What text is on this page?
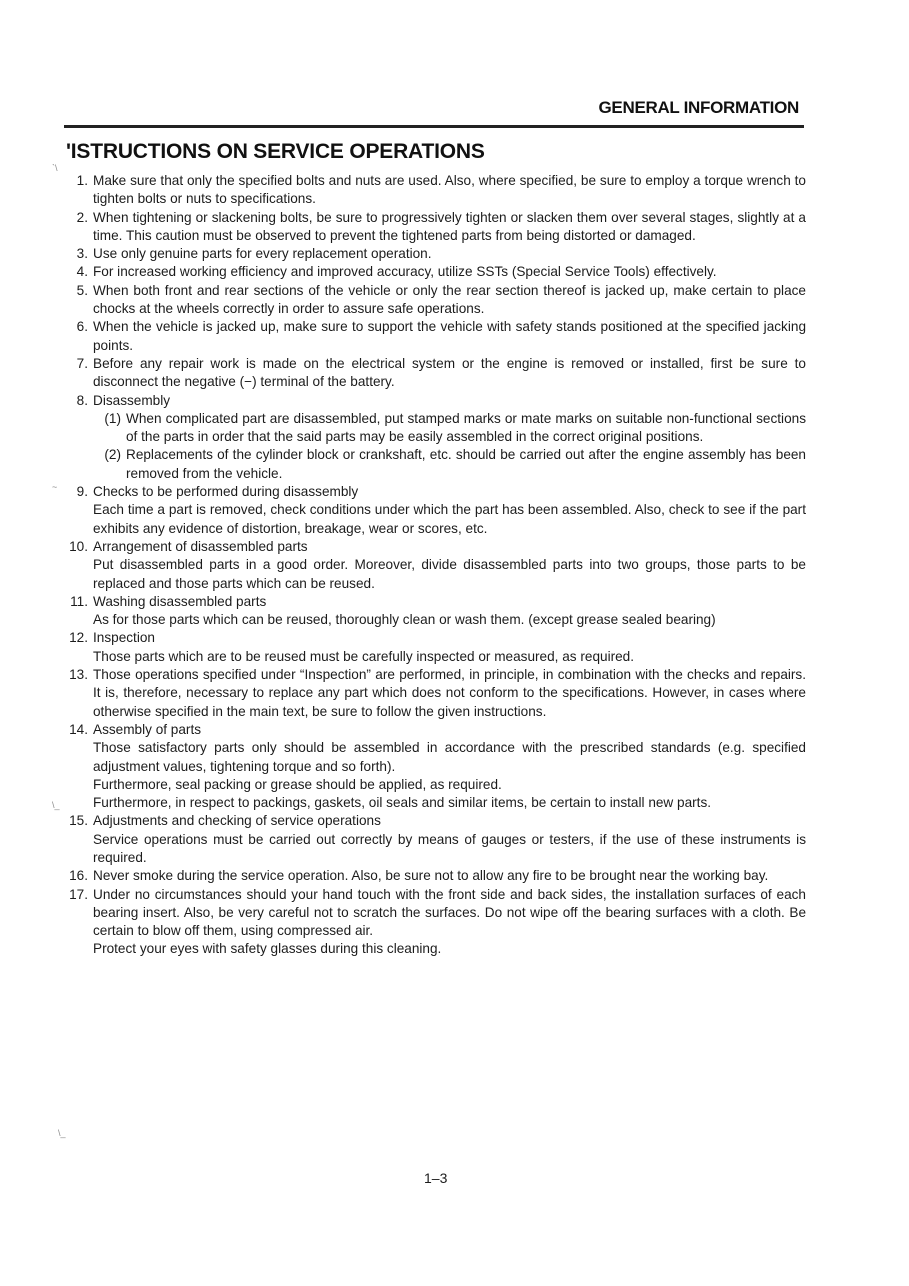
GENERAL INFORMATION
'ISTRUCTIONS ON SERVICE OPERATIONS
`\
~
\_
\_
1. Make sure that only the specified bolts and nuts are used. Also, where specified, be sure to employ a torque wrench to tighten bolts or nuts to specifications.
2. When tightening or slackening bolts, be sure to progressively tighten or slacken them over several stages, slightly at a time. This caution must be observed to prevent the tightened parts from being distorted or damaged.
3. Use only genuine parts for every replacement operation.
4. For increased working efficiency and improved accuracy, utilize SSTs (Special Service Tools) effectively.
5. When both front and rear sections of the vehicle or only the rear section thereof is jacked up, make certain to place chocks at the wheels correctly in order to assure safe operations.
6. When the vehicle is jacked up, make sure to support the vehicle with safety stands positioned at the specified jacking points.
7. Before any repair work is made on the electrical system or the engine is removed or installed, first be sure to disconnect the negative (−) terminal of the battery.
8. Disassembly
(1) When complicated part are disassembled, put stamped marks or mate marks on suitable non-functional sections of the parts in order that the said parts may be easily assembled in the correct original positions.
(2) Replacements of the cylinder block or crankshaft, etc. should be carried out after the engine assembly has been removed from the vehicle.
9. Checks to be performed during disassembly
Each time a part is removed, check conditions under which the part has been assembled. Also, check to see if the part exhibits any evidence of distortion, breakage, wear or scores, etc.
10. Arrangement of disassembled parts
Put disassembled parts in a good order. Moreover, divide disassembled parts into two groups, those parts to be replaced and those parts which can be reused.
11. Washing disassembled parts
As for those parts which can be reused, thoroughly clean or wash them. (except grease sealed bearing)
12. Inspection
Those parts which are to be reused must be carefully inspected or measured, as required.
13. Those operations specified under “Inspection” are performed, in principle, in combination with the checks and repairs. It is, therefore, necessary to replace any part which does not conform to the specifications. However, in cases where otherwise specified in the main text, be sure to follow the given instructions.
14. Assembly of parts
Those satisfactory parts only should be assembled in accordance with the prescribed standards (e.g. specified adjustment values, tightening torque and so forth).
Furthermore, seal packing or grease should be applied, as required.
Furthermore, in respect to packings, gaskets, oil seals and similar items, be certain to install new parts.
15. Adjustments and checking of service operations
Service operations must be carried out correctly by means of gauges or testers, if the use of these instruments is required.
16. Never smoke during the service operation. Also, be sure not to allow any fire to be brought near the working bay.
17. Under no circumstances should your hand touch with the front side and back sides, the installation surfaces of each bearing insert. Also, be very careful not to scratch the surfaces. Do not wipe off the bearing surfaces with a cloth. Be certain to blow off them, using compressed air.
Protect your eyes with safety glasses during this cleaning.
1–3
